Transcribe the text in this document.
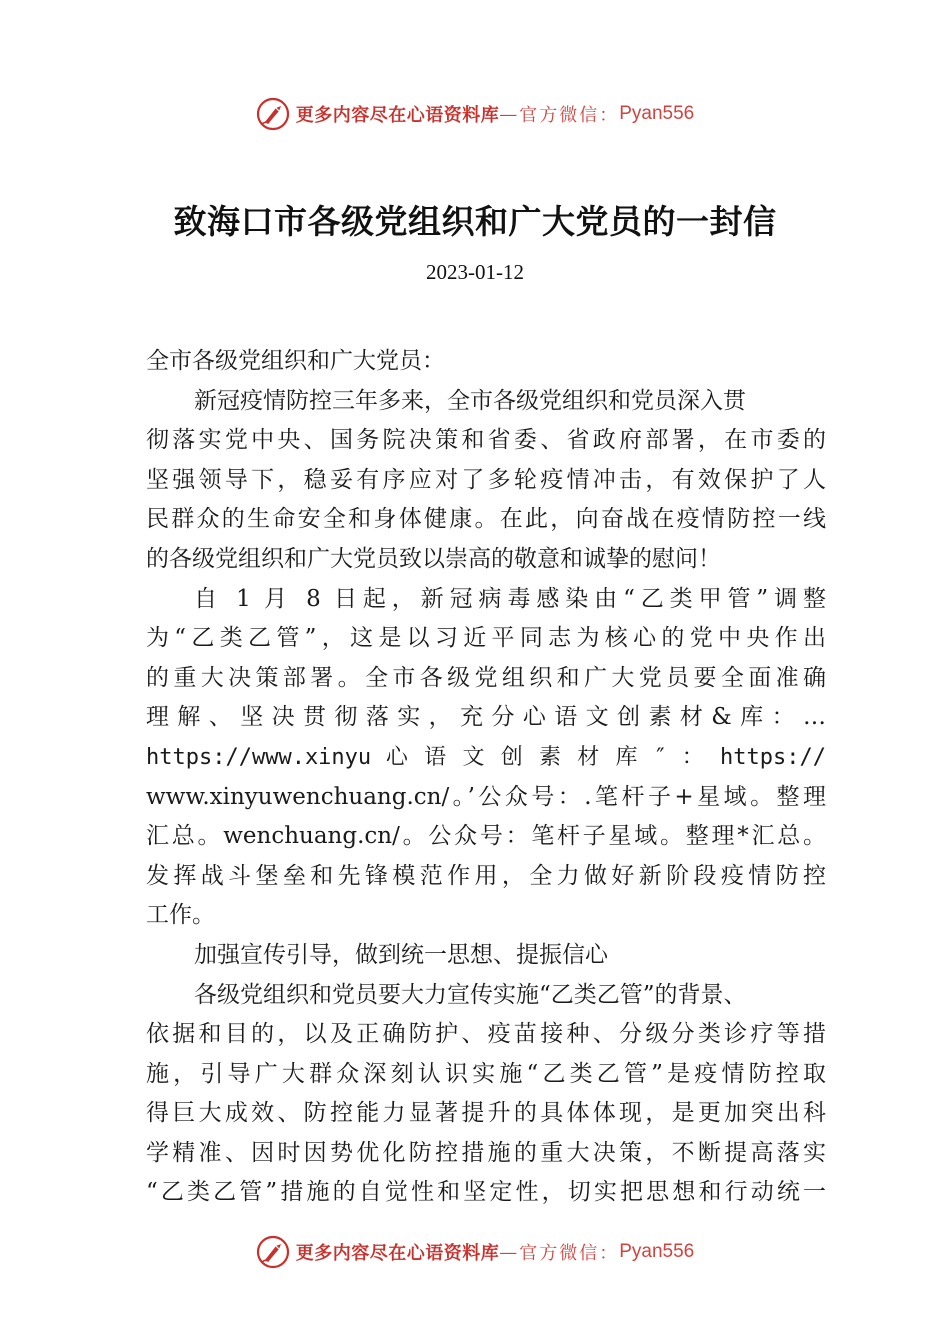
更多内容尽在心语资料库 — 官方微信： Pyan556
致海口市各级党组织和广大党员的一封信
2023-01-12
全市各级党组织和广大党员：
新冠疫情防控三年多来，全市各级党组织和党员深入贯
彻落实党中央、国务院决策和省委、省政府部署，在市委的
坚强领导下，稳妥有序应对了多轮疫情冲击，有效保护了人
民群众的生命安全和身体健康。在此，向奋战在疫情防控一线
的各级党组织和广大党员致以崇高的敬意和诚挚的慰问！
自 1 月 8 日起，新冠病毒感染由“乙类甲管”调整
为“乙类乙管”，这是以习近平同志为核心的党中央作出
的重大决策部署。全市各级党组织和广大党员要全面准确
理解、坚决贯彻落实，充分心语文创素材&库：…
https://www.xinyu 心 语 文 创 素 材 库 ″ ： https://
www.xinyuwenchuang.cn/。’公众号：.笔杆子+星域。整理
汇总。wenchuang.cn/。公众号：笔杆子星域。整理*汇总。
发挥战斗堡垒和先锋模范作用，全力做好新阶段疫情防控
工作。
加强宣传引导，做到统一思想、提振信心
各级党组织和党员要大力宣传实施“乙类乙管”的背景、
依据和目的，以及正确防护、疫苗接种、分级分类诊疗等措
施，引导广大群众深刻认识实施“乙类乙管”是疫情防控取
得巨大成效、防控能力显著提升的具体体现，是更加突出科
学精准、因时因势优化防控措施的重大决策，不断提高落实
“乙类乙管”措施的自觉性和坚定性，切实把思想和行动统一
更多内容尽在心语资料库 — 官方微信： Pyan556
